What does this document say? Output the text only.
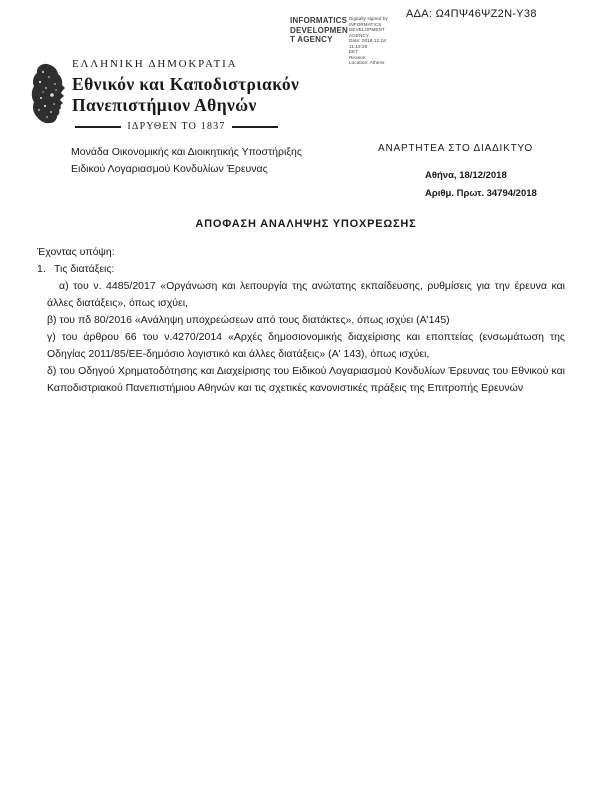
ΑΔΑ: Ω4ΠΨ46ΨΖ2Ν-Υ38
INFORMATICS
DEVELOPMEN
T AGENCY
Digitally signed by
INFORMATICS
DEVELOPMENT AGENCY
Date: 2018.12.18 11:19:26
EET
Reason:
Location: Athens
ΕΛΛΗΝΙΚΗ ΔΗΜΟΚΡΑΤΙΑ
Εθνικόν και Καποδιστριακόν
Πανεπιστήμιον Αθηνών
ΙΔΡΥΘΕΝ ΤΟ 1837
Μονάδα Οικονομικής και Διοικητικής Υποστήριξης
Ειδικού Λογαριασμού Κονδυλίων Έρευνας
ΑΝΑΡΤΗΤΕΑ ΣΤΟ ΔΙΑΔΙΚΤΥΟ
Αθήνα, 18/12/2018
Αριθμ. Πρωτ. 34794/2018
ΑΠΟΦΑΣΗ ΑΝΑΛΗΨΗΣ ΥΠΟΧΡΕΩΣΗΣ

Έχοντας υπόψη:

1. Τις διατάξεις:

α) του ν. 4485/2017 «Οργάνωση και λειτουργία της ανώτατης εκπαίδευσης, ρυθμίσεις για την έρευνα και άλλες διατάξεις», όπως ισχύει,

β) του πδ 80/2016 «Ανάληψη υποχρεώσεων από τους διατάκτες», όπως ισχύει (Α'145)

γ) του άρθρου 66 του ν.4270/2014 «Αρχές δημοσιονομικής διαχείρισης και εποπτείας (ενσωμάτωση της Οδηγίας 2011/85/ΕΕ-δημόσιο λογιστικό και άλλες διατάξεις» (Α' 143), όπως ισχύει,

δ) του Οδηγού Χρηματοδότησης και Διαχείρισης του Ειδικού Λογαριασμού Κονδυλίων Έρευνας του Εθνικού και Καποδιστριακού Πανεπιστήμιου Αθηνών και τις σχετικές κανονιστικές πράξεις της Επιτροπής Ερευνών
